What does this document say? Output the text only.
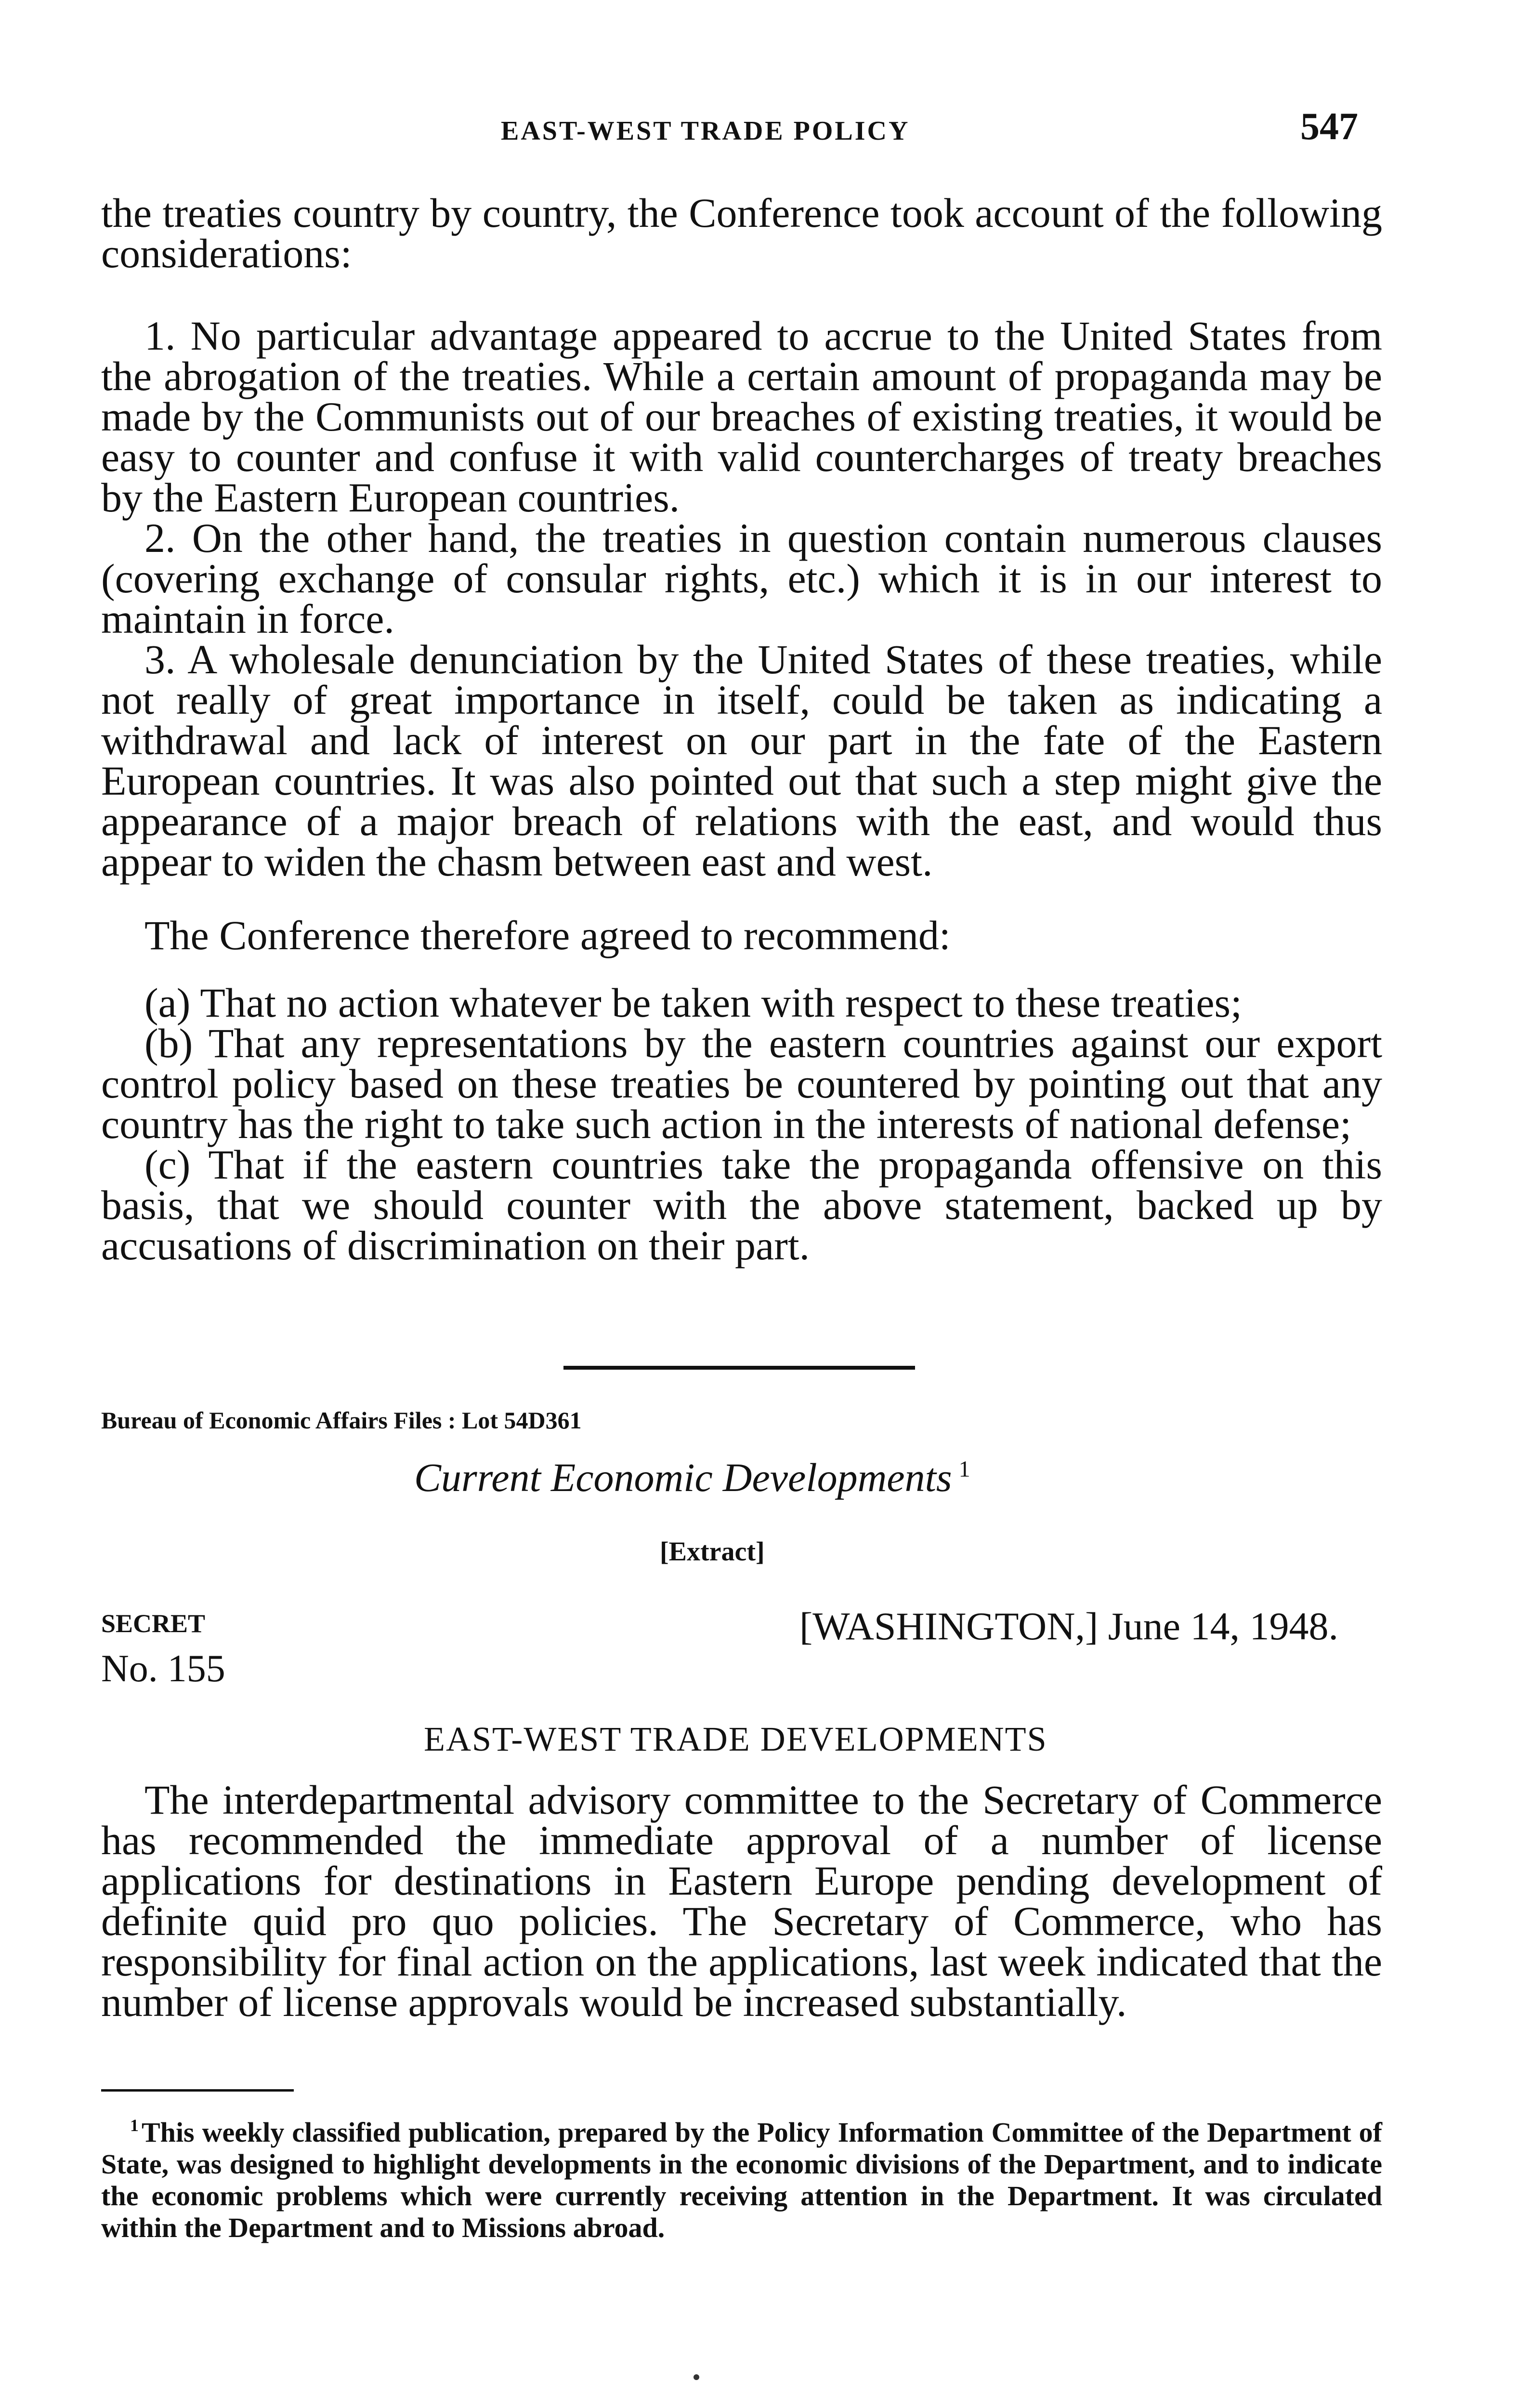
EAST-WEST TRADE POLICY	547

the treaties country by country, the Conference took account of the following considerations:

1. No particular advantage appeared to accrue to the United States from the abrogation of the treaties. While a certain amount of propaganda may be made by the Communists out of our breaches of existing treaties, it would be easy to counter and confuse it with valid countercharges of treaty breaches by the Eastern European countries.

2. On the other hand, the treaties in question contain numerous clauses (covering exchange of consular rights, etc.) which it is in our interest to maintain in force.

3. A wholesale denunciation by the United States of these treaties, while not really of great importance in itself, could be taken as indicating a withdrawal and lack of interest on our part in the fate of the Eastern European countries. It was also pointed out that such a step might give the appearance of a major breach of relations with the east, and would thus appear to widen the chasm between east and west.

The Conference therefore agreed to recommend:

(a) That no action whatever be taken with respect to these treaties;

(b) That any representations by the eastern countries against our export control policy based on these treaties be countered by pointing out that any country has the right to take such action in the interests of national defense;

(c) That if the eastern countries take the propaganda offensive on this basis, that we should counter with the above statement, backed up by accusations of discrimination on their part.

Bureau of Economic Affairs Files : Lot 54D361
Current Economic Developments $^1$
[Extract]
SECRET
No. 155
[WASHINGTON,] June 14, 1948.
EAST-WEST TRADE DEVELOPMENTS

The interdepartmental advisory committee to the Secretary of Commerce has recommended the immediate approval of a number of license applications for destinations in Eastern Europe pending development of definite quid pro quo policies. The Secretary of Commerce, who has responsibility for final action on the applications, last week indicated that the number of license approvals would be increased substantially.

$^1$ This weekly classified publication, prepared by the Policy Information Committee of the Department of State, was designed to highlight developments in the economic divisions of the Department, and to indicate the economic problems which were currently receiving attention in the Department. It was circulated within the Department and to Missions abroad.
